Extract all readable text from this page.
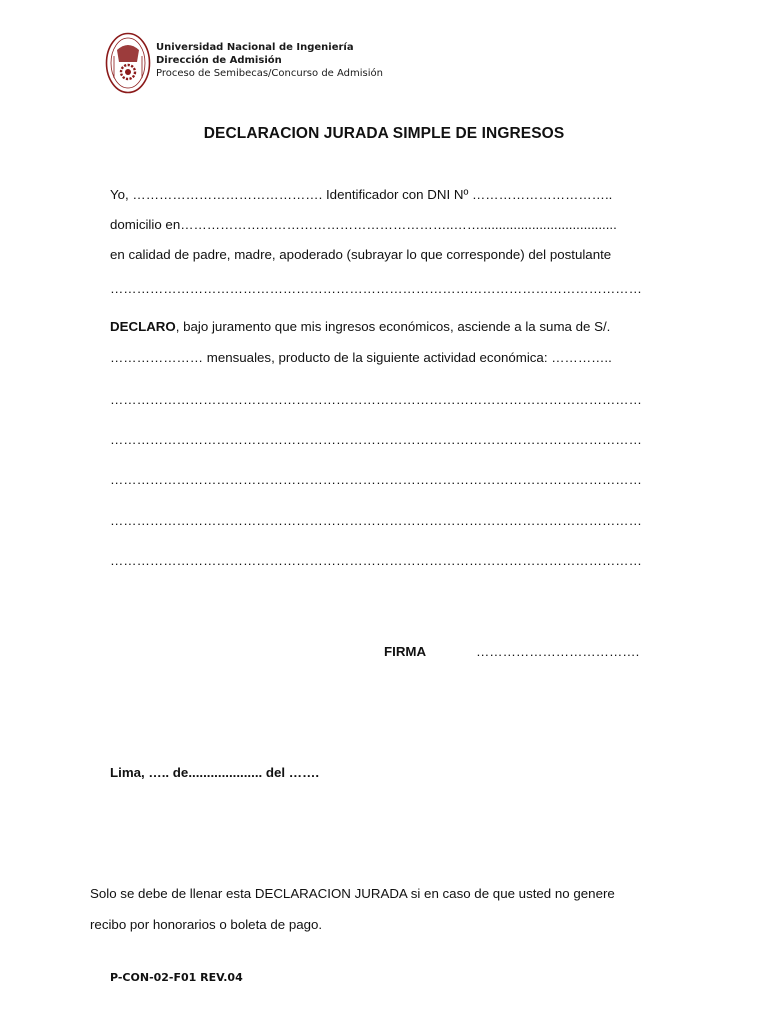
Universidad Nacional de Ingeniería
Dirección de Admisión
Proceso de Semibecas/Concurso de Admisión
DECLARACION JURADA SIMPLE DE INGRESOS
Yo, ……………………………………. Identificador con DNI Nº …………………………..
domicilio en……………………………………………………..…….....................................
en calidad de padre, madre, apoderado (subrayar lo que corresponde) del postulante
…………………………………………………………………………………………………………
DECLARO, bajo juramento que mis ingresos económicos, asciende a la suma de S/.
………………… mensuales, producto de la siguiente actividad económica: …………..
…………………………………………………………………………………………………………
…………………………………………………………………………………………………………
…………………………………………………………………………………………………………
…………………………………………………………………………………………………………
…………………………………………………………………………………………………………
FIRMA	……………………………….
Lima, ….. de.................... del …….
Solo se debe de llenar esta DECLARACION JURADA si en caso de que usted no genere
recibo por honorarios o boleta de pago.
P-CON-02-F01 REV.04
